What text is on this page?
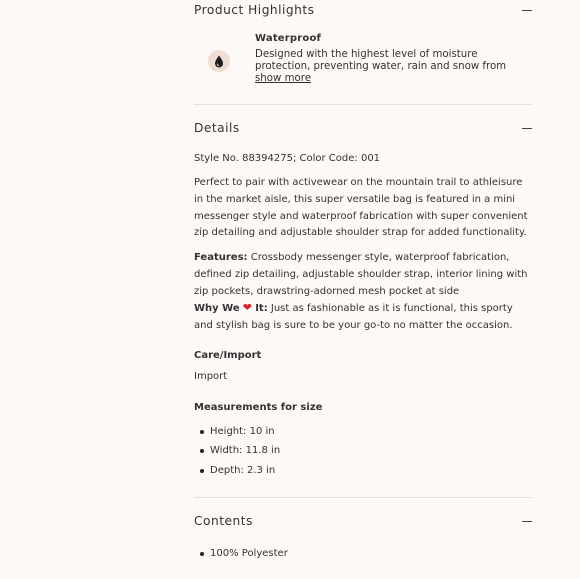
Product Highlights
Waterproof
Designed with the highest level of moisture protection, preventing water, rain and snow from
show more
Details
Style No. 88394275; Color Code: 001
Perfect to pair with activewear on the mountain trail to athleisure in the market aisle, this super versatile bag is featured in a mini messenger style and waterproof fabrication with super convenient zip detailing and adjustable shoulder strap for added functionality.
Features: Crossbody messenger style, waterproof fabrication, defined zip detailing, adjustable shoulder strap, interior lining with zip pockets, drawstring-adorned mesh pocket at side
Why We ❤ It: Just as fashionable as it is functional, this sporty and stylish bag is sure to be your go-to no matter the occasion.
Care/Import
Import
Measurements for size
Height: 10 in
Width: 11.8 in
Depth: 2.3 in
Contents
100% Polyester
